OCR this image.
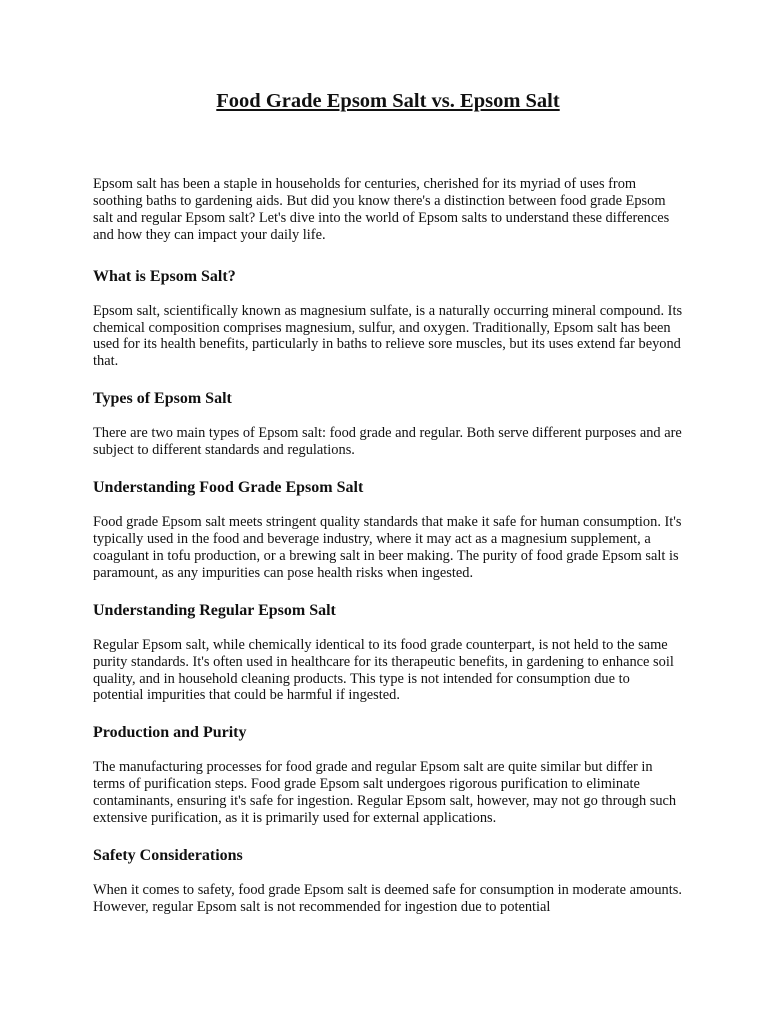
Food Grade Epsom Salt vs. Epsom Salt

Epsom salt has been a staple in households for centuries, cherished for its myriad of uses from soothing baths to gardening aids. But did you know there's a distinction between food grade Epsom salt and regular Epsom salt? Let's dive into the world of Epsom salts to understand these differences and how they can impact your daily life.

What is Epsom Salt?

Epsom salt, scientifically known as magnesium sulfate, is a naturally occurring mineral compound. Its chemical composition comprises magnesium, sulfur, and oxygen. Traditionally, Epsom salt has been used for its health benefits, particularly in baths to relieve sore muscles, but its uses extend far beyond that.

Types of Epsom Salt

There are two main types of Epsom salt: food grade and regular. Both serve different purposes and are subject to different standards and regulations.

Understanding Food Grade Epsom Salt

Food grade Epsom salt meets stringent quality standards that make it safe for human consumption. It's typically used in the food and beverage industry, where it may act as a magnesium supplement, a coagulant in tofu production, or a brewing salt in beer making. The purity of food grade Epsom salt is paramount, as any impurities can pose health risks when ingested.

Understanding Regular Epsom Salt

Regular Epsom salt, while chemically identical to its food grade counterpart, is not held to the same purity standards. It's often used in healthcare for its therapeutic benefits, in gardening to enhance soil quality, and in household cleaning products. This type is not intended for consumption due to potential impurities that could be harmful if ingested.

Production and Purity

The manufacturing processes for food grade and regular Epsom salt are quite similar but differ in terms of purification steps. Food grade Epsom salt undergoes rigorous purification to eliminate contaminants, ensuring it's safe for ingestion. Regular Epsom salt, however, may not go through such extensive purification, as it is primarily used for external applications.

Safety Considerations

When it comes to safety, food grade Epsom salt is deemed safe for consumption in moderate amounts. However, regular Epsom salt is not recommended for ingestion due to potential
